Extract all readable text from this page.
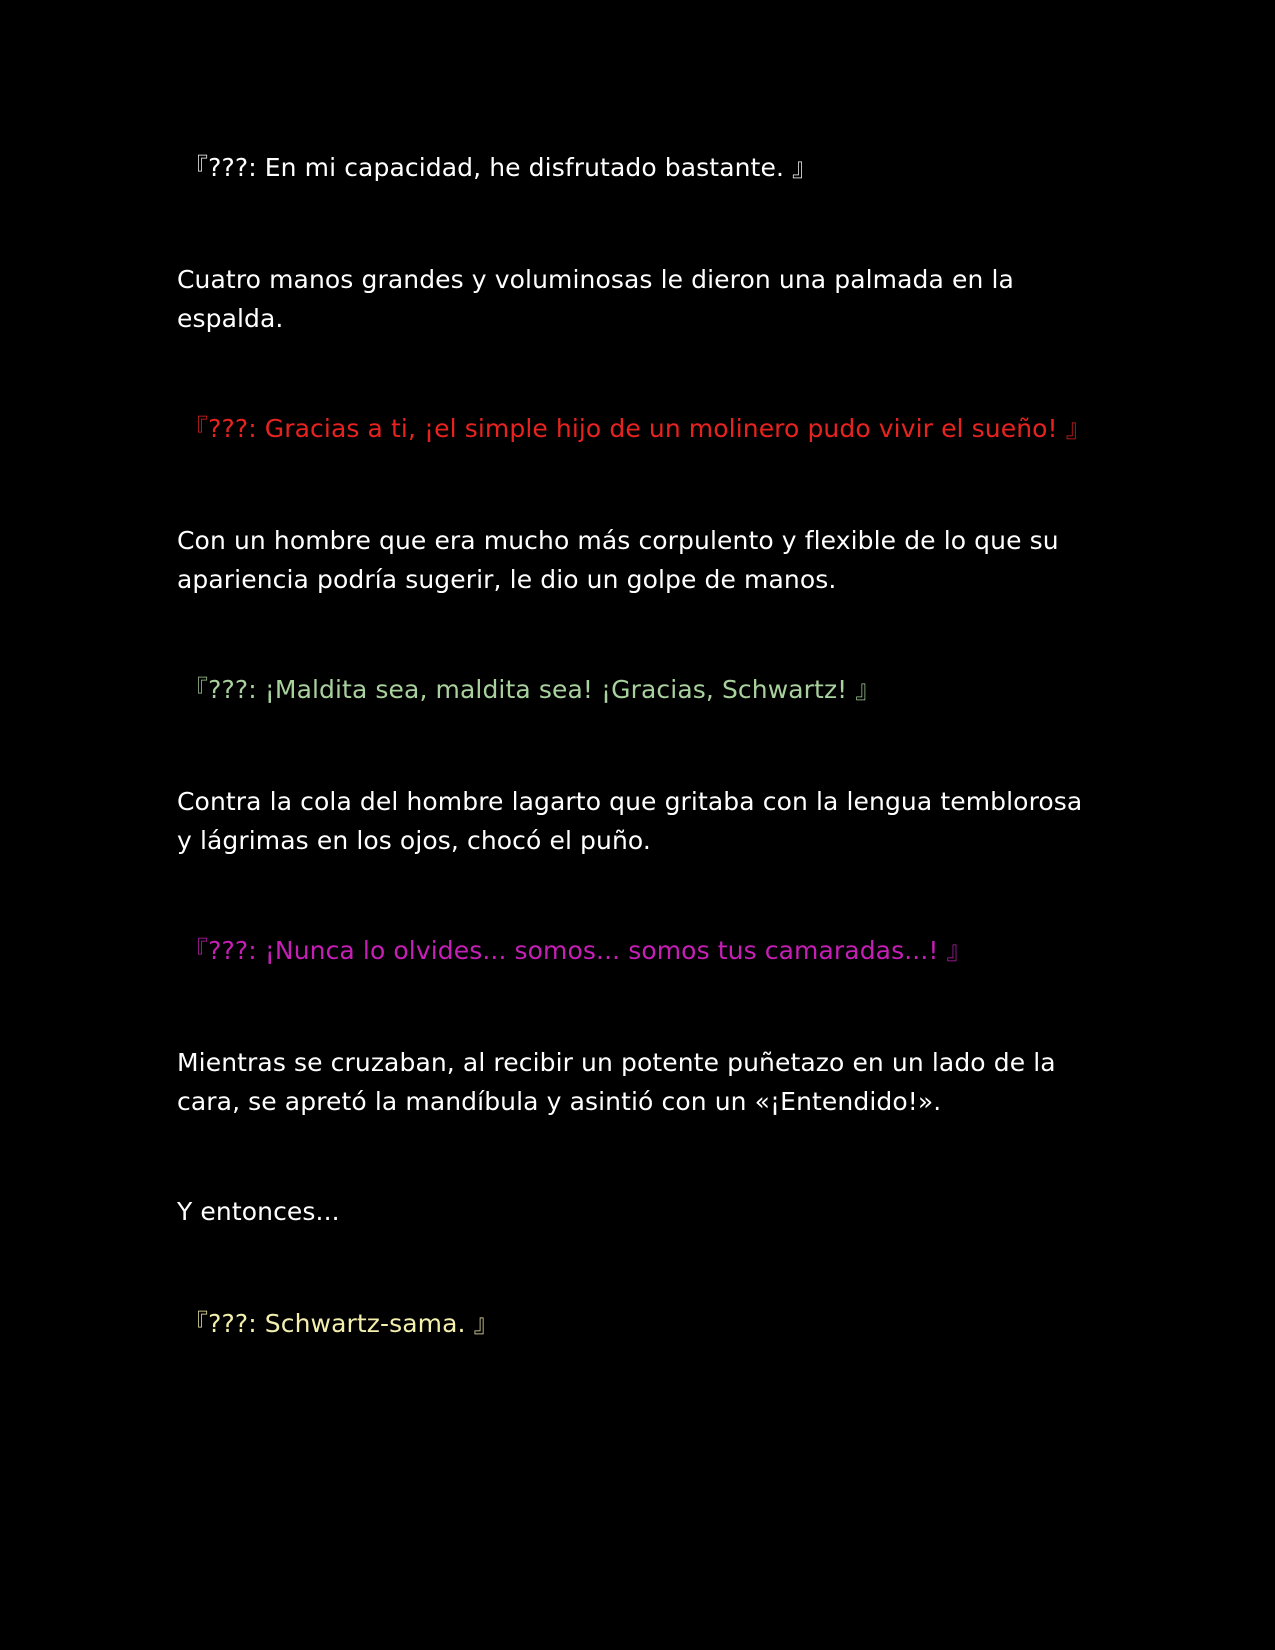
『???: En mi capacidad, he disfrutado bastante. 』

Cuatro manos grandes y voluminosas le dieron una palmada en la espalda.

『???: Gracias a ti, ¡el simple hijo de un molinero pudo vivir el sueño! 』

Con un hombre que era mucho más corpulento y flexible de lo que su apariencia podría sugerir, le dio un golpe de manos.

『???: ¡Maldita sea, maldita sea! ¡Gracias, Schwartz! 』

Contra la cola del hombre lagarto que gritaba con la lengua temblorosa y lágrimas en los ojos, chocó el puño.

『???: ¡Nunca lo olvides... somos... somos tus camaradas...! 』

Mientras se cruzaban, al recibir un potente puñetazo en un lado de la cara, se apretó la mandíbula y asintió con un «¡Entendido!».

Y entonces...

『???: Schwartz-sama. 』
